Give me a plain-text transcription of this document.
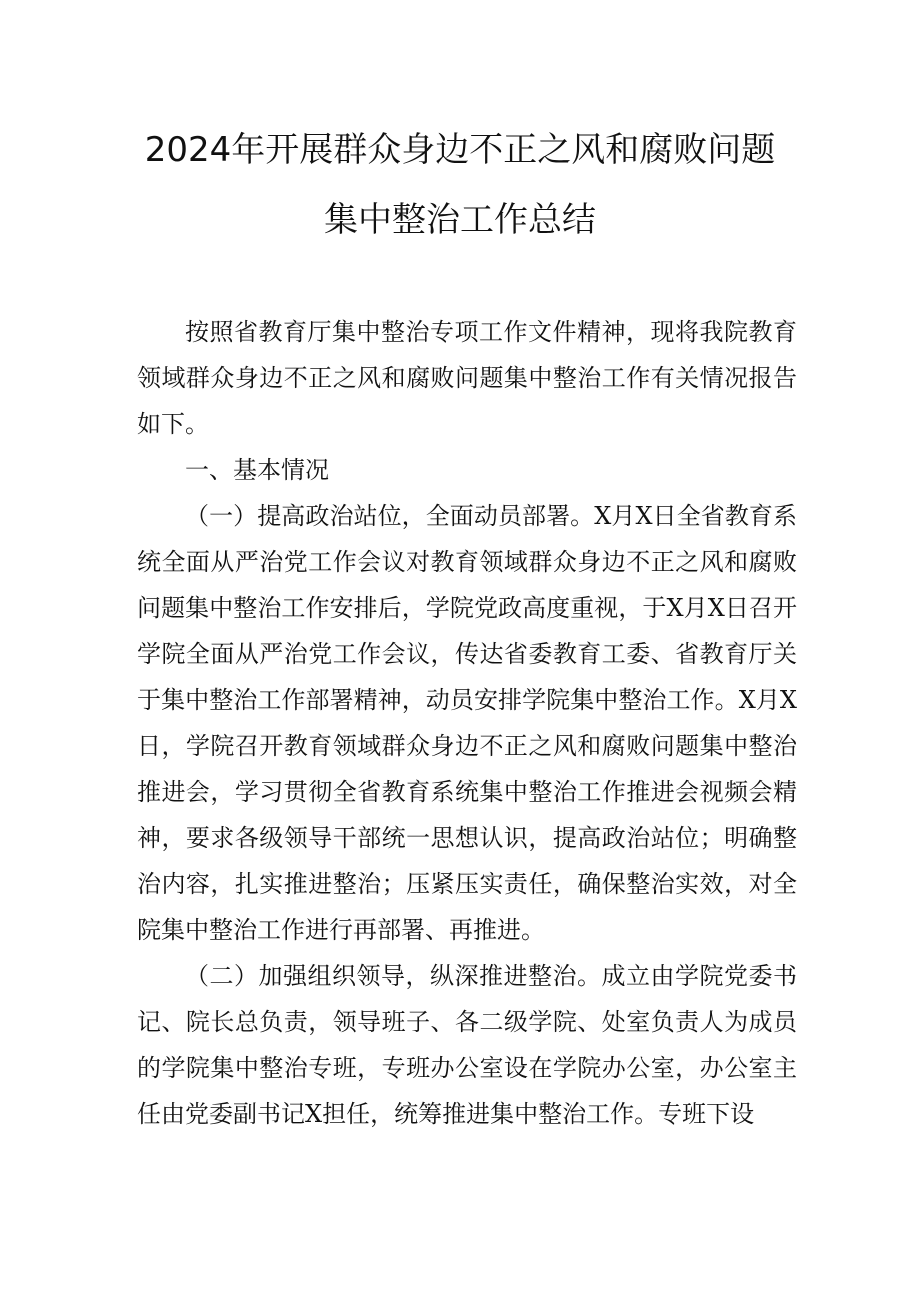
2024年开展群众身边不正之风和腐败问题
集中整治工作总结

按照省教育厅集中整治专项工作文件精神，现将我院教育领域群众身边不正之风和腐败问题集中整治工作有关情况报告如下。

一、基本情况

（一）提高政治站位，全面动员部署。X月X日全省教育系统全面从严治党工作会议对教育领域群众身边不正之风和腐败问题集中整治工作安排后，学院党政高度重视，于X月X日召开学院全面从严治党工作会议，传达省委教育工委、省教育厅关于集中整治工作部署精神，动员安排学院集中整治工作。X月X日，学院召开教育领域群众身边不正之风和腐败问题集中整治推进会，学习贯彻全省教育系统集中整治工作推进会视频会精神，要求各级领导干部统一思想认识，提高政治站位；明确整治内容，扎实推进整治；压紧压实责任，确保整治实效，对全院集中整治工作进行再部署、再推进。

（二）加强组织领导，纵深推进整治。成立由学院党委书记、院长总负责，领导班子、各二级学院、处室负责人为成员的学院集中整治专班，专班办公室设在学院办公室，办公室主任由党委副书记X担任，统筹推进集中整治工作。专班下设
